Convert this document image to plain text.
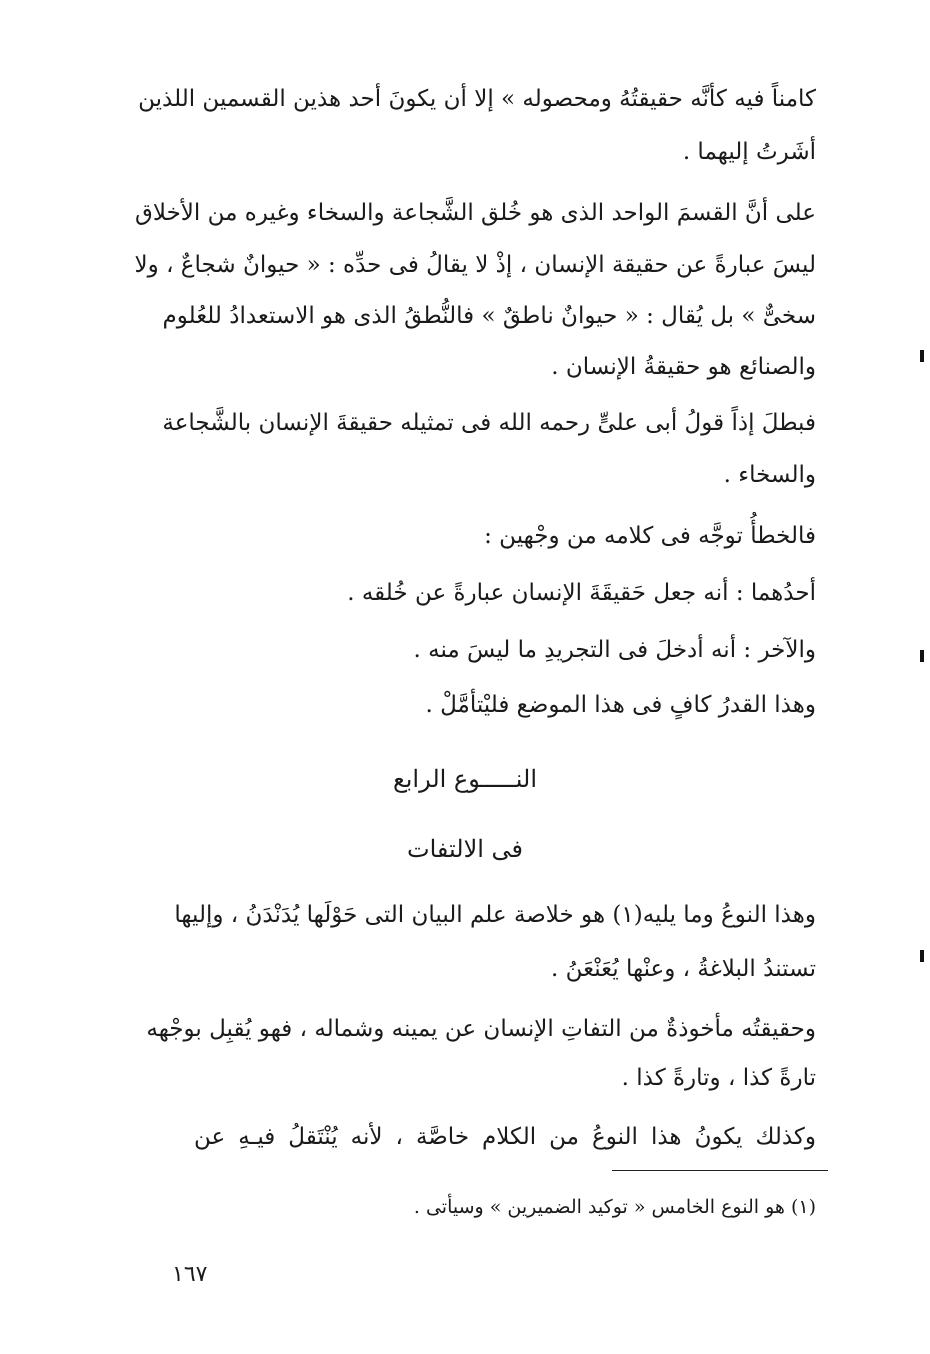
كامناً فيه كأنَّه حقيقتُهُ ومحصوله » إلا أن يكونَ أحد هذين القسمين اللذين
أشَرتُ إليهما .
على أنَّ القسمَ الواحد الذى هو خُلق الشَّجاعة والسخاء وغيره من الأخلاق
ليسَ عبارةً عن حقيقة الإنسان ، إذْ لا يقالُ فى حدِّه : « حيوانٌ شجاعٌ ، ولا
سخىٌّ » بل يُقال : « حيوانٌ ناطقٌ » فالنُّطقُ الذى هو الاستعدادُ للعُلوم
والصنائع هو حقيقةُ الإنسان .
فبطلَ إذاً قولُ أبى علىٍّ رحمه الله فى تمثيله حقيقةَ الإنسان بالشَّجاعة
والسخاء .
فالخطأُ توجَّه فى كلامه من وجْهين :
أحدُهما : أنه جعل حَقيقَةَ الإنسان عبارةً عن خُلقه .
والآخر : أنه أدخلَ فى التجريدِ ما ليسَ منه .
وهذا القدرُ كافٍ فى هذا الموضع فليْتأمَّلْ .
النـــــوع الرابع
فى الالتفات
وهذا النوعُ وما يليه(١) هو خلاصة علم البيان التى حَوْلَها يُدَنْدَنُ ، وإليها
تستندُ البلاغةُ ، وعنْها يُعَنْعَنُ .
وحقيقتُه مأخوذةٌ من التفاتِ الإنسان عن يمينه وشماله ، فهو يُقبِل بوجْهه
تارةً كذا ، وتارةً كذا .
وكذلك يكونُ هذا النوعُ من الكلام خاصَّة ، لأنه يُنْتَقلُ فيـهِ عن
(١) هو النوع الخامس « توكيد الضميرين » وسيأتى .
١٦٧
